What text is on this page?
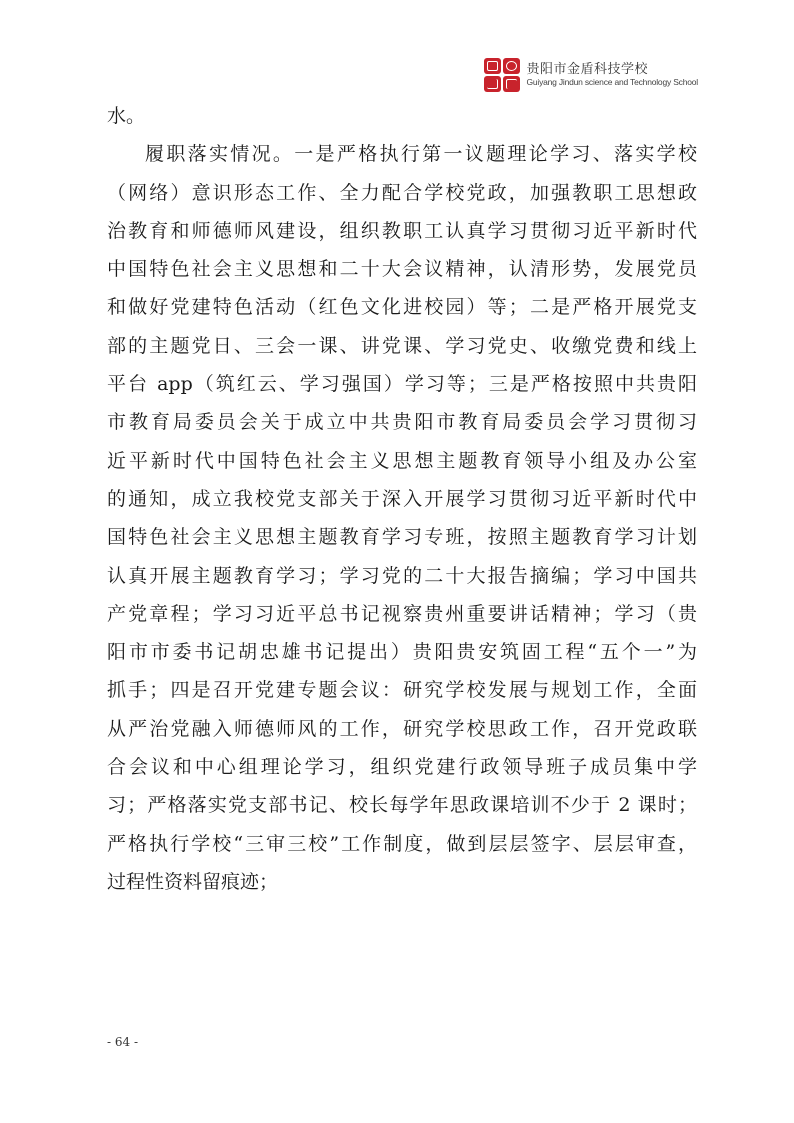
贵阳市金盾科技学校
Guiyang Jindun science and Technology School
水。
履职落实情况。一是严格执行第一议题理论学习、落实学校
（网络）意识形态工作、全力配合学校党政，加强教职工思想政
治教育和师德师风建设，组织教职工认真学习贯彻习近平新时代
中国特色社会主义思想和二十大会议精神，认清形势，发展党员
和做好党建特色活动（红色文化进校园）等；二是严格开展党支
部的主题党日、三会一课、讲党课、学习党史、收缴党费和线上
平台 app（筑红云、学习强国）学习等；三是严格按照中共贵阳
市教育局委员会关于成立中共贵阳市教育局委员会学习贯彻习
近平新时代中国特色社会主义思想主题教育领导小组及办公室
的通知，成立我校党支部关于深入开展学习贯彻习近平新时代中
国特色社会主义思想主题教育学习专班，按照主题教育学习计划
认真开展主题教育学习；学习党的二十大报告摘编；学习中国共
产党章程；学习习近平总书记视察贵州重要讲话精神；学习（贵
阳市市委书记胡忠雄书记提出）贵阳贵安筑固工程“五个一”为
抓手；四是召开党建专题会议：研究学校发展与规划工作，全面
从严治党融入师德师风的工作，研究学校思政工作，召开党政联
合会议和中心组理论学习，组织党建行政领导班子成员集中学
习；严格落实党支部书记、校长每学年思政课培训不少于 2 课时；
严格执行学校“三审三校”工作制度，做到层层签字、层层审查，
过程性资料留痕迹；
- 64 -
